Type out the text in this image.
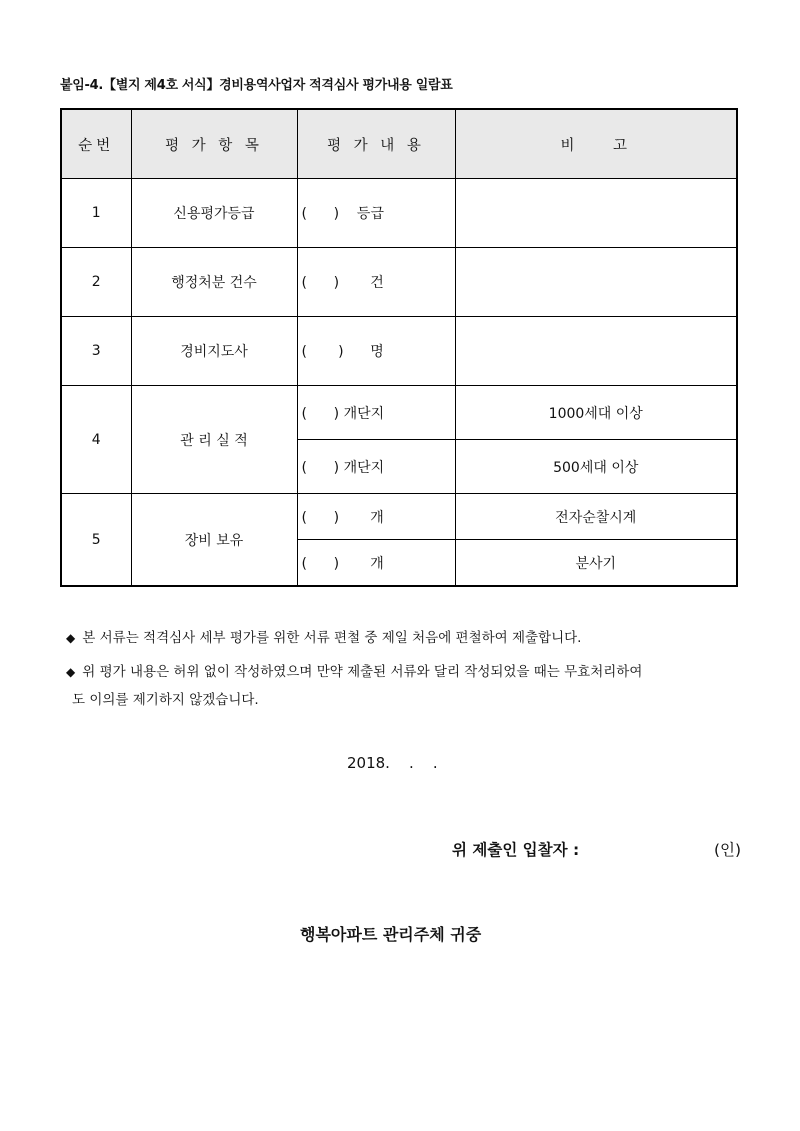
붙임-4.【별지 제4호 서식】경비용역사업자 적격심사 평가내용 일람표
순번	평 가 항 목	평 가 내 용	비    고
1	신용평가등급	(      )    등급	
2	행정처분 건수	(      )       건	
3	경비지도사	(       )      명	
4	관 리 실 적	(      ) 개단지	1000세대 이상
		(      ) 개단지	500세대 이상
5	장비 보유	(      )       개	전자순찰시계
		(      )       개	분사기
◆ 본 서류는 적격심사 세부 평가를 위한 서류 편철 중 제일 처음에 편철하여 제출합니다.
◆ 위 평가 내용은 허위 없이 작성하였으며 만약 제출된 서류와 달리 작성되었을 때는 무효처리하여
도 이의를 제기하지 않겠습니다.
2018.    .    .
위 제출인 입찰자 :	(인)
행복아파트 관리주체 귀중
